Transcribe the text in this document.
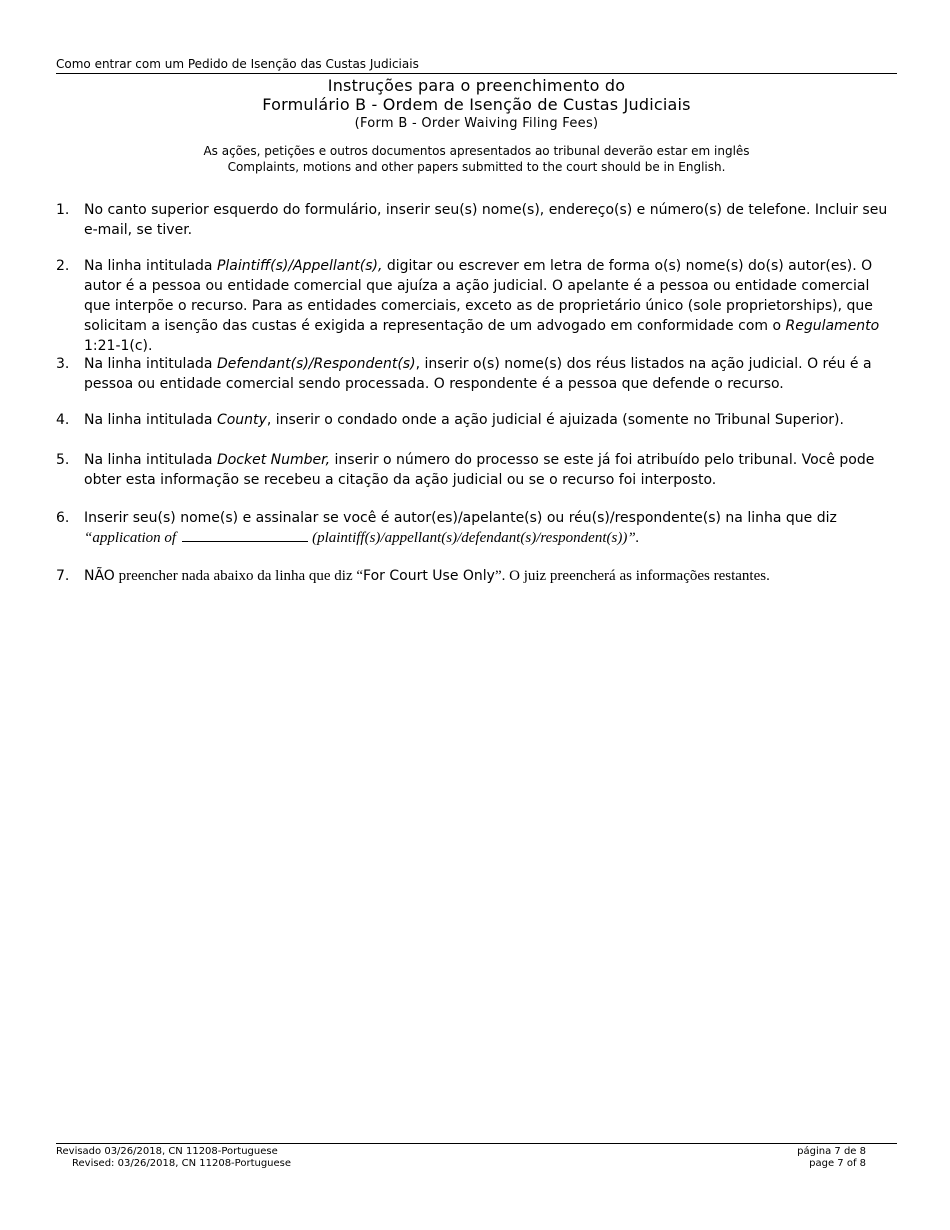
Como entrar com um Pedido de Isenção das Custas Judiciais
Instruções para o preenchimento do
Formulário B - Ordem de Isenção de Custas Judiciais
(Form B - Order Waiving Filing Fees)
As ações, petições e outros documentos apresentados ao tribunal deverão estar em inglês
Complaints, motions and other papers submitted to the court should be in English.
1.	No canto superior esquerdo do formulário, inserir seu(s) nome(s), endereço(s) e número(s) de telefone. Incluir seu e-mail, se tiver.
2.	Na linha intitulada Plaintiff(s)/Appellant(s), digitar ou escrever em letra de forma o(s) nome(s) do(s) autor(es). O autor é a pessoa ou entidade comercial que ajuíza a ação judicial. O apelante é a pessoa ou entidade comercial que interpõe o recurso. Para as entidades comerciais, exceto as de proprietário único (sole proprietorships), que solicitam a isenção das custas é exigida a representação de um advogado em conformidade com o Regulamento 1:21-1(c).
3.	Na linha intitulada Defendant(s)/Respondent(s), inserir o(s) nome(s) dos réus listados na ação judicial. O réu é a pessoa ou entidade comercial sendo processada. O respondente é a pessoa que defende o recurso.
4.	Na linha intitulada County, inserir o condado onde a ação judicial é ajuizada (somente no Tribunal Superior).
5.	Na linha intitulada Docket Number, inserir o número do processo se este já foi atribuído pelo tribunal. Você pode obter esta informação se recebeu a citação da ação judicial ou se o recurso foi interposto.
6.	Inserir seu(s) nome(s) e assinalar se você é autor(es)/apelante(s) ou réu(s)/respondente(s) na linha que diz
“application of	(plaintiff(s)/appellant(s)/defendant(s)/respondent(s))”.
7.	NÃO preencher nada abaixo da linha que diz “For Court Use Only”. O juiz preencherá as informações restantes.
Revisado 03/26/2018, CN 11208-Portuguese
Revised: 03/26/2018, CN 11208-Portuguese
página 7 de 8
page 7 of 8
